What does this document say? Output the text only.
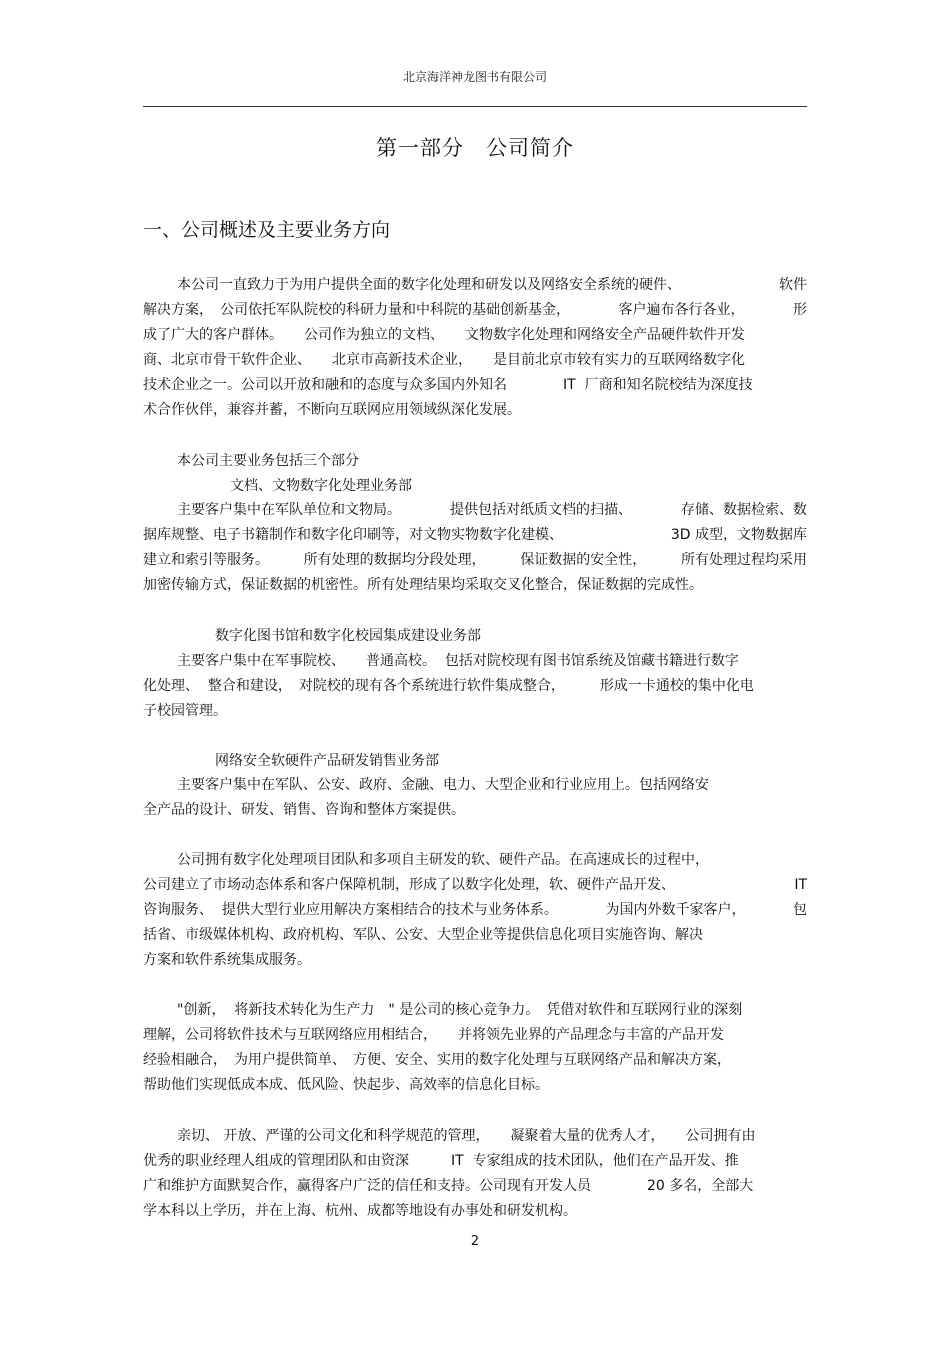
北京海洋神龙图书有限公司
第一部分　公司简介
一、公司概述及主要业务方向
本公司一直致力于为用户提供全面的数字化处理和研发以及网络安全系统的硬件、	软件
解决方案，　公司依托军队院校的科研力量和中科院的基础创新基金，	客户遍布各行各业，	形
成了广大的客户群体。　　公司作为独立的文档、　　文物数字化处理和网络安全产品硬件软件开发
商、北京市骨干软件企业、　　北京市高新技术企业，　　是目前北京市较有实力的互联网络数字化
技术企业之一。公司以开放和融和的态度与众多国内外知名　　　　IT  厂商和知名院校结为深度技
术合作伙伴，兼容并蓄，不断向互联网应用领域纵深化发展。
本公司主要业务包括三个部分
文档、文物数字化处理业务部
主要客户集中在军队单位和文物局。	提供包括对纸质文档的扫描、	存储、数据检索、数
据库规整、电子书籍制作和数字化印刷等，对文物实物数字化建模、	3D 成型，文物数据库
建立和索引等服务。 所有处理的数据均分段处理， 保证数据的安全性， 所有处理过程均采用
加密传输方式，保证数据的机密性。所有处理结果均采取交叉化整合，保证数据的完成性。
数字化图书馆和数字化校园集成建设业务部
主要客户集中在军事院校、　　普通高校。  包括对院校现有图书馆系统及馆藏书籍进行数字
化处理、  整合和建设，　对院校的现有各个系统进行软件集成整合，　　　形成一卡通校的集中化电
子校园管理。
网络安全软硬件产品研发销售业务部
主要客户集中在军队、公安、政府、金融、电力、大型企业和行业应用上。包括网络安
全产品的设计、研发、销售、咨询和整体方案提供。
公司拥有数字化处理项目团队和多项自主研发的软、硬件产品。在高速成长的过程中，
公司建立了市场动态体系和客户保障机制，形成了以数字化处理，软、硬件产品开发、	IT
咨询服务、  提供大型行业应用解决方案相结合的技术与业务体系。	为国内外数千家客户，	包
括省、市级媒体机构、政府机构、军队、公安、大型企业等提供信息化项目实施咨询、解决
方案和软件系统集成服务。
"创新，  将新技术转化为生产力　" 是公司的核心竞争力。　凭借对软件和互联网行业的深刻
理解，公司将软件技术与互联网络应用相结合，　　并将领先业界的产品理念与丰富的产品开发
经验相融合，　为用户提供简单、　方便、安全、实用的数字化处理与互联网络产品和解决方案，
帮助他们实现低成本成、低风险、快起步、高效率的信息化目标。
亲切、 开放、严谨的公司文化和科学规范的管理，　　凝聚着大量的优秀人才，　　公司拥有由
优秀的职业经理人组成的管理团队和由资深　　　IT  专家组成的技术团队，他们在产品开发、推
广和维护方面默契合作，赢得客户广泛的信任和支持。公司现有开发人员　　　　20 多名，全部大
学本科以上学历，并在上海、杭州、成都等地设有办事处和研发机构。
2
